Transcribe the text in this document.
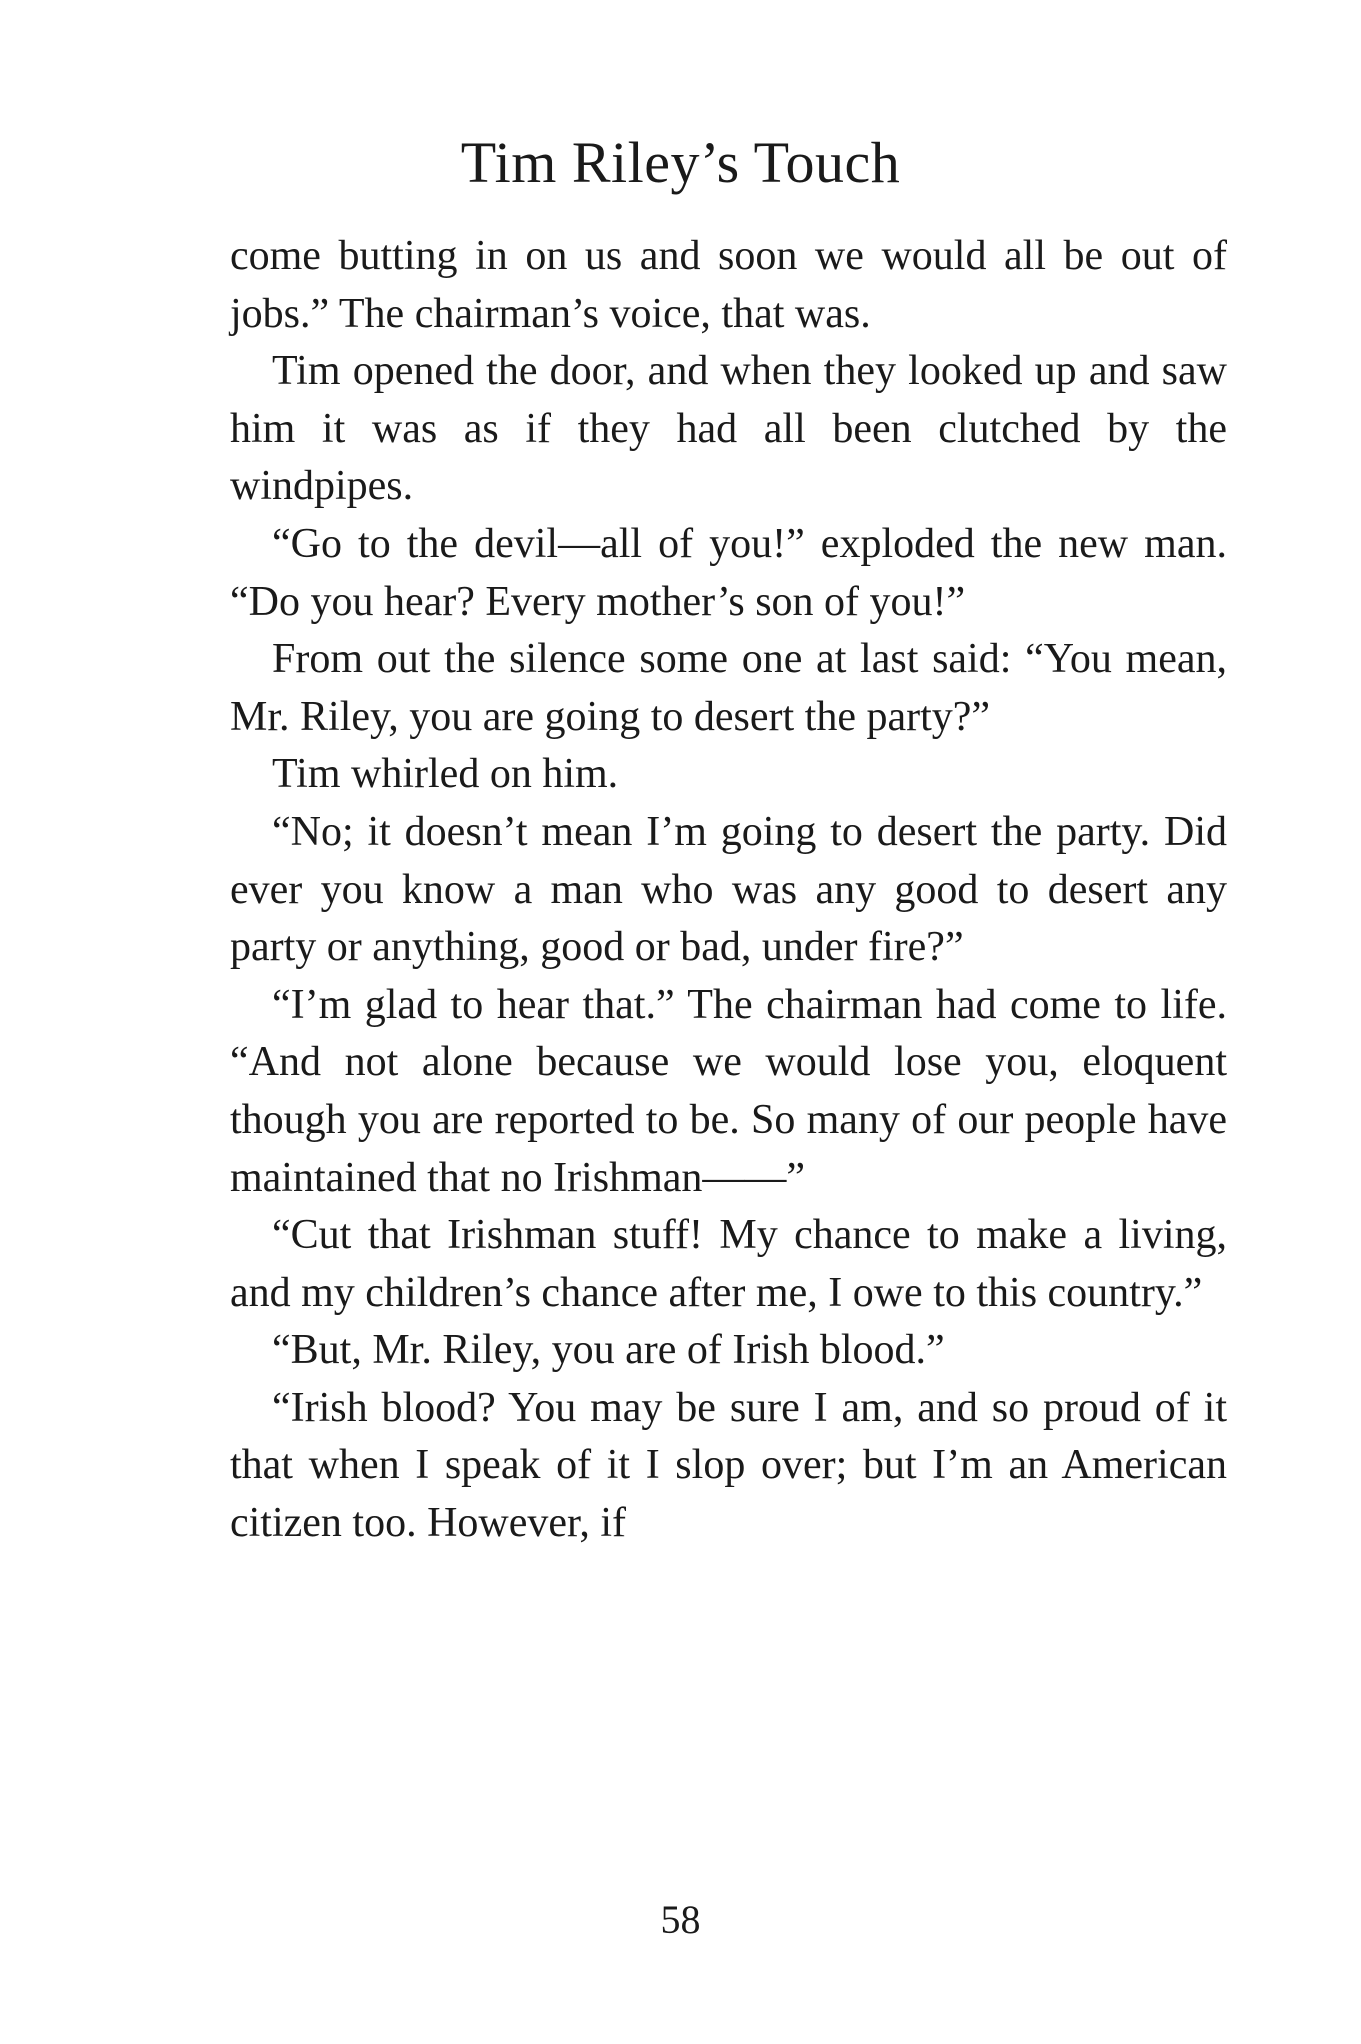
Tim Riley’s Touch

come butting in on us and soon we would all be out of jobs.” The chairman’s voice, that was.

Tim opened the door, and when they looked up and saw him it was as if they had all been clutched by the windpipes.

“Go to the devil—all of you!” exploded the new man. “Do you hear? Every mother’s son of you!”

From out the silence some one at last said: “You mean, Mr. Riley, you are going to desert the party?”

Tim whirled on him.

“No; it doesn’t mean I’m going to desert the party. Did ever you know a man who was any good to desert any party or anything, good or bad, under fire?”

“I’m glad to hear that.” The chairman had come to life. “And not alone because we would lose you, eloquent though you are reported to be. So many of our people have maintained that no Irishman——”

“Cut that Irishman stuff! My chance to make a living, and my children’s chance after me, I owe to this country.”

“But, Mr. Riley, you are of Irish blood.”

“Irish blood? You may be sure I am, and so proud of it that when I speak of it I slop over; but I’m an American citizen too. However, if

58
